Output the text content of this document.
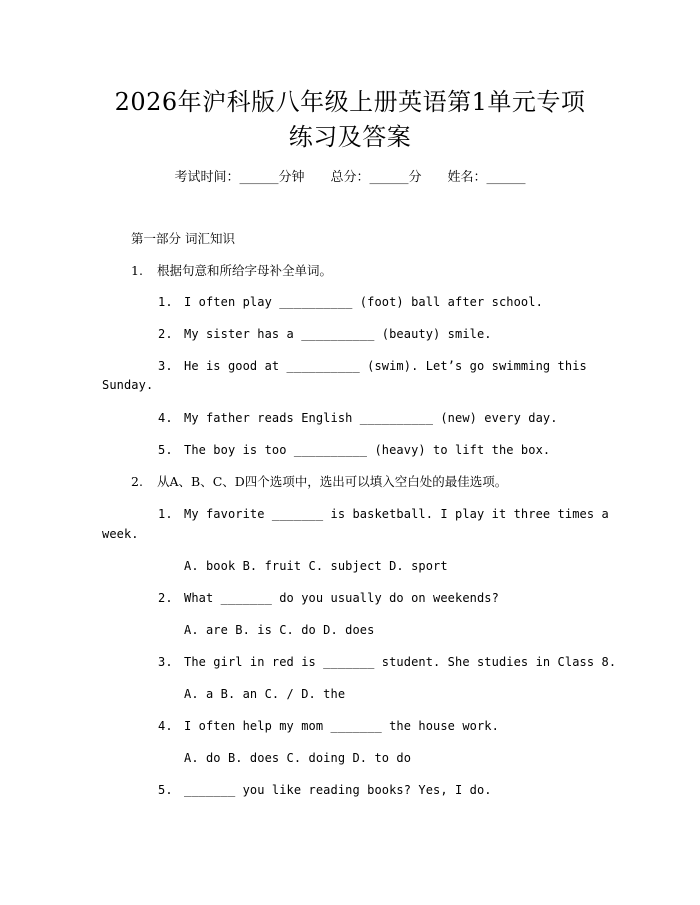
2026年沪科版八年级上册英语第1单元专项
练习及答案
考试时间：______分钟 总分：______分 姓名：______
第一部分 词汇知识
1. 根据句意和所给字母补全单词。
1. I often play __________ (foot) ball after school.
2. My sister has a __________ (beauty) smile.
3. He is good at __________ (swim). Let’s go swimming this
Sunday.
4. My father reads English __________ (new) every day.
5. The boy is too __________ (heavy) to lift the box.
2. 从A、B、C、D四个选项中，选出可以填入空白处的最佳选项。
1. My favorite _______ is basketball. I play it three times a
week.
A. book B. fruit C. subject D. sport
2. What _______ do you usually do on weekends?
A. are B. is C. do D. does
3. The girl in red is _______ student. She studies in Class 8.
A. a B. an C. / D. the
4. I often help my mom _______ the house work.
A. do B. does C. doing D. to do
5. _______ you like reading books? Yes, I do.
